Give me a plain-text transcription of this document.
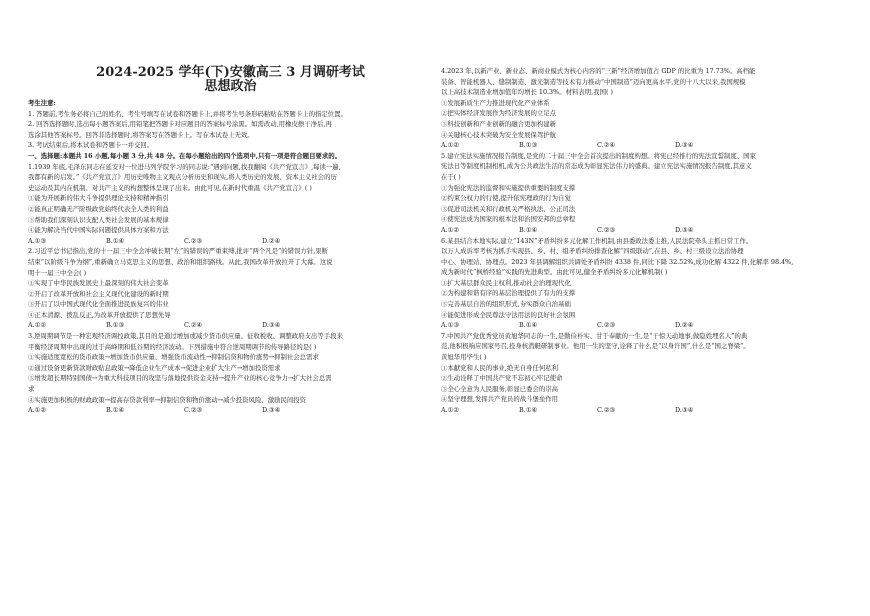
2024-2025 学年(下)安徽高三 3 月调研考试
思想政治
考生注意:
1. 答题前,考生务必将自己的姓名、考生号填写在试卷和答题卡上,并将考生号条形码粘贴在答题卡上的指定位置。
2. 回答选择题时,选出每小题答案后,用铅笔把答题卡对应题目的答案标号涂黑。如需改动,用橡皮擦干净后,再
选涂其他答案标号。回答非选择题时,将答案写在答题卡上。写在本试卷上无效。
3. 考试结束后,将本试卷和答题卡一并交回。
一、选择题:本题共 16 小题,每小题 3 分,共 48 分。在每小题给出的四个选项中,只有一项是符合题目要求的。
1.1939 年底,毛泽东同志在延安对一位进马列学院学习的同志说:“遇到问题,找我翻阅《共产党宣言》,每读一遍,
我都有新的启发。”《共产党宣言》用历史唯物主义观点分析历史和现实,将人类历史的发展、资本主义社会的历
史运动及其内在机制、对共产主义的构想整体呈现了出来。由此可见,在新时代重温《共产党宣言》( )
①能为开展新的伟大斗争提供理论支持和精神指引
②能真正明确无产阶级政党始终代表全人类的利益
③帮助我们深刻认识支配人类社会发展的基本规律
④能为解决当代中国实际问题提供具体方案和方法
A.①③	B.①④	C.②③	D.②④
2.习近平总书记指出,党的十一届三中全会冲破长期“左”的错误的严重束缚,批评“两个凡是”的错误方针,果断
结束“以阶级斗争为纲”,重新确立马克思主义的思想、政治和组织路线。从此,我国改革开放拉开了大幕。这说
明十一届三中全会( )
①实现了中华民族发展史上最深刻的伟大社会变革
②开启了改革开放和社会主义现代化建设的新时期
③开启了以中国式现代化全面推进民族复兴的伟业
④正本清源、拨乱反正,为改革开放提供了思想先导
A.①②	B.①③	C.②④	D.③④
3.逆周期调节是一种宏观经济调控政策,其目的是通过增加或减少货币供应量、征收税收、调整政府支出等手段来
平衡经济周期中出现的过于高峰期和低谷期的经济波动。下列措施中符合逆周期调节的传导路径的是( )
①实施适度宽松的货币政策→增加货币供应量、增强货币流动性→抑制信贷和物价涨势→抑制社会总需求
②通过设备更新贷款财政贴息政策→降低企业生产成本→促进企业扩大生产→增加投资需求
③增发超长期特别国债→为重大科技项目的攻坚与落地提供资金支持→提升产业的核心竞争力→扩大社会总需
求
④实施更加积极的财政政策→提高存贷款利率→抑制信贷和物价涨动→减少投资风险、激励民间投资
A.①②	B.①④	C.②③	D.③④
4.2023 年,以新产业、新业态、新商业模式为核心内容的“三新”经济增加值占 GDP 的比重为 17.73%。高档能
装备、智能机器人、缝制制造、激光制造等技术有力推动“中国制造”迈向更高水平,党的十八大以来,我国规模
以上高技术制造业增加值年均增长 10.3%。材料表明,我国( )
①发展新质生产力推进现代化产业体系
②把实体经济发展作为经济发展的立足点
③科技创新和产业创新的融合更加构建新
④关键核心技术突破为安全发展保驾护航
A.①②	B.①③	C.②④	D.③④
5.建立宪法实施情况报告制度,是党的二十届三中全会首次提出的制度构想。将宪已经推行的宪法宣誓制度、国家
宪法日等制度机制相机,成为公共政法生活的常态成为彰显宪法伟力的盛典。建立宪法实施情况报告制度,其意义
在于( )
①为强化宪法的监督和实施提供重要的制度支撑
②约束公权力的行使,提升依宪理政的行为自觉
③促进司法机关和行政机关严格执法、公正司法
④使宪法成为国家的根本法和治国安邦的总章程
A.①②	B.①④	C.②③	D.③④
6.某县结合本地实际,建立“143N”矛盾纠纷多元化解工作机制,由县委政法委主推,人民法院牵头主抓日常工作。
以万人成诉率考核为抓手实现县、乡、村、组矛盾纠纷排查化解“四级联动”,在县、乡、村三级设立法治协理
中心、协理站、协理点。2023 年县调解组织共调处矛盾纠纷 4338 件,同比下降 32.52%,成功化解 4322 件,化解率 98.4%,
成为新时代“枫桥经验”实践的先进典型。由此可见,健全矛盾纠纷多元化解机制( )
①扩大基层群众民主权利,推动社会治理现代化
②为构建和谐有序的基层治理提供了有力的支撑
③完善基层自治的组织形式,夯实群众自治基础
④能促进形成全民尊法守法用法的良好社会氛围
A.①③	B.①④	C.②③	D.②④
7.中国共产党优秀党员黄旭华同志的一生,是勤俭朴实、甘于奉献的一生,是“干惊天动地事,做隐姓埋名人”的典
范,他积极响应国家号召,投身核潜艇研制事业。他用一生的坚守,诠释了什么是“以身许国”,什么是“国之脊梁”。
黄旭华用毕生( )
①本献党和人民的事业,绝无自身任何私利
②生动诠释了中国共产党不忘初心牢记使命
③全心全意为人民服务,彰显已委会的崇高
④坚守理想,发挥共产党员的战斗堡垒作用
A.①②	B.①④	C.②③	D.③④
